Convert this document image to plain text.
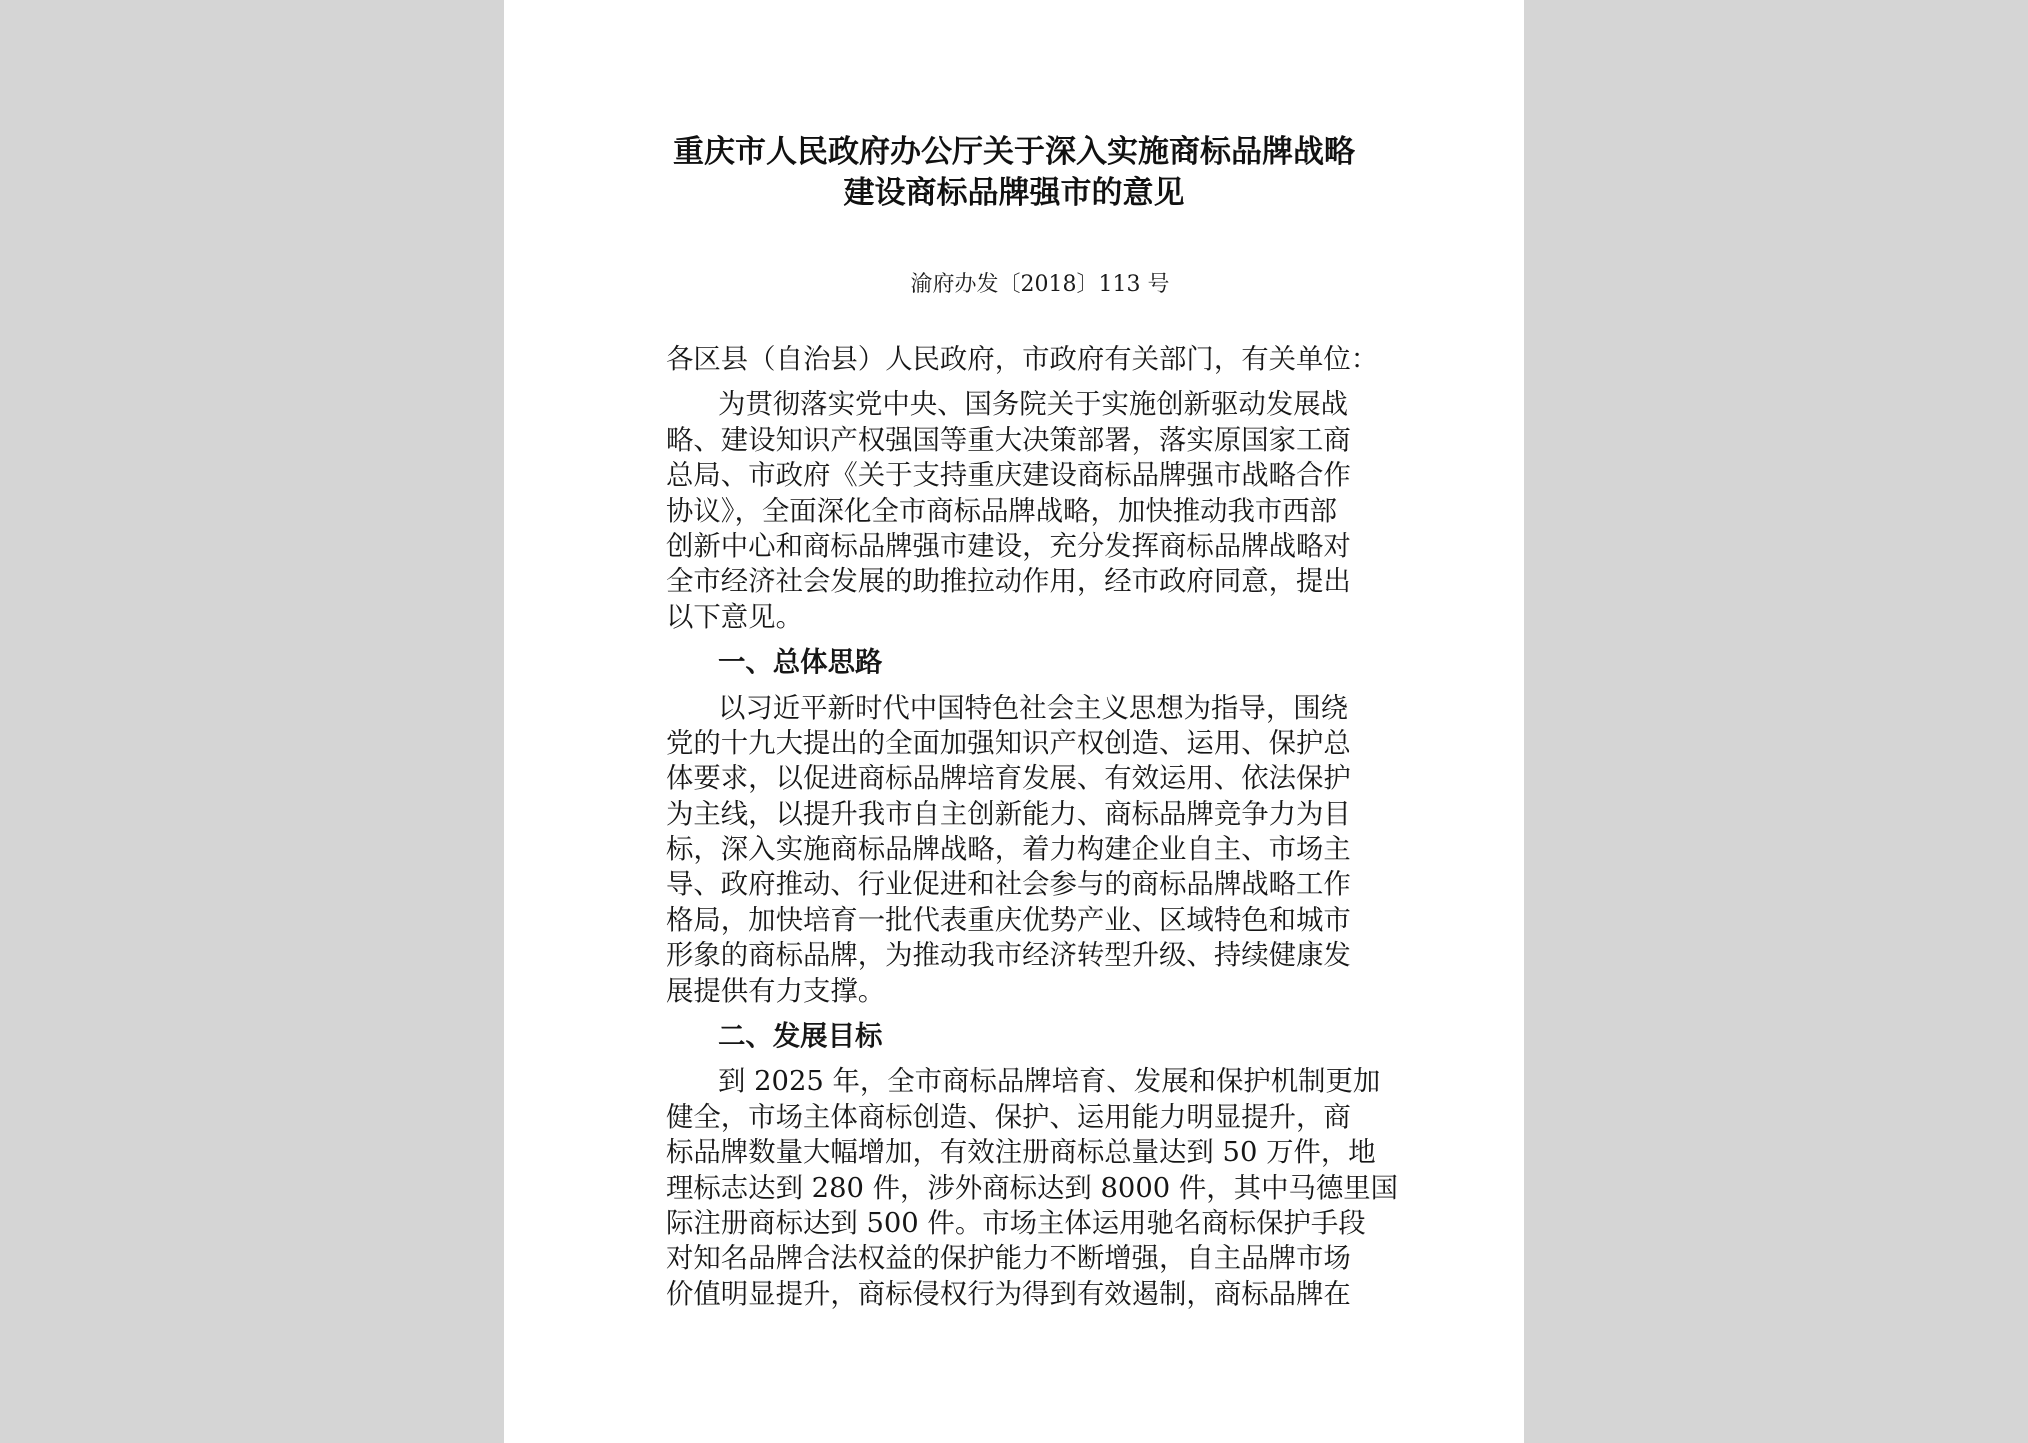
重庆市人民政府办公厅关于深入实施商标品牌战略
建设商标品牌强市的意见
渝府办发〔2018〕113 号
各区县（自治县）人民政府，市政府有关部门，有关单位：
为贯彻落实党中央、国务院关于实施创新驱动发展战
略、建设知识产权强国等重大决策部署，落实原国家工商
总局、市政府《关于支持重庆建设商标品牌强市战略合作
协议》，全面深化全市商标品牌战略，加快推动我市西部
创新中心和商标品牌强市建设，充分发挥商标品牌战略对
全市经济社会发展的助推拉动作用，经市政府同意，提出
以下意见。
一、总体思路
以习近平新时代中国特色社会主义思想为指导，围绕
党的十九大提出的全面加强知识产权创造、运用、保护总
体要求，以促进商标品牌培育发展、有效运用、依法保护
为主线，以提升我市自主创新能力、商标品牌竞争力为目
标，深入实施商标品牌战略，着力构建企业自主、市场主
导、政府推动、行业促进和社会参与的商标品牌战略工作
格局，加快培育一批代表重庆优势产业、区域特色和城市
形象的商标品牌，为推动我市经济转型升级、持续健康发
展提供有力支撑。
二、发展目标
到 2025 年，全市商标品牌培育、发展和保护机制更加
健全，市场主体商标创造、保护、运用能力明显提升，商
标品牌数量大幅增加，有效注册商标总量达到 50 万件，地
理标志达到 280 件，涉外商标达到 8000 件，其中马德里国
际注册商标达到 500 件。市场主体运用驰名商标保护手段
对知名品牌合法权益的保护能力不断增强，自主品牌市场
价值明显提升，商标侵权行为得到有效遏制，商标品牌在
